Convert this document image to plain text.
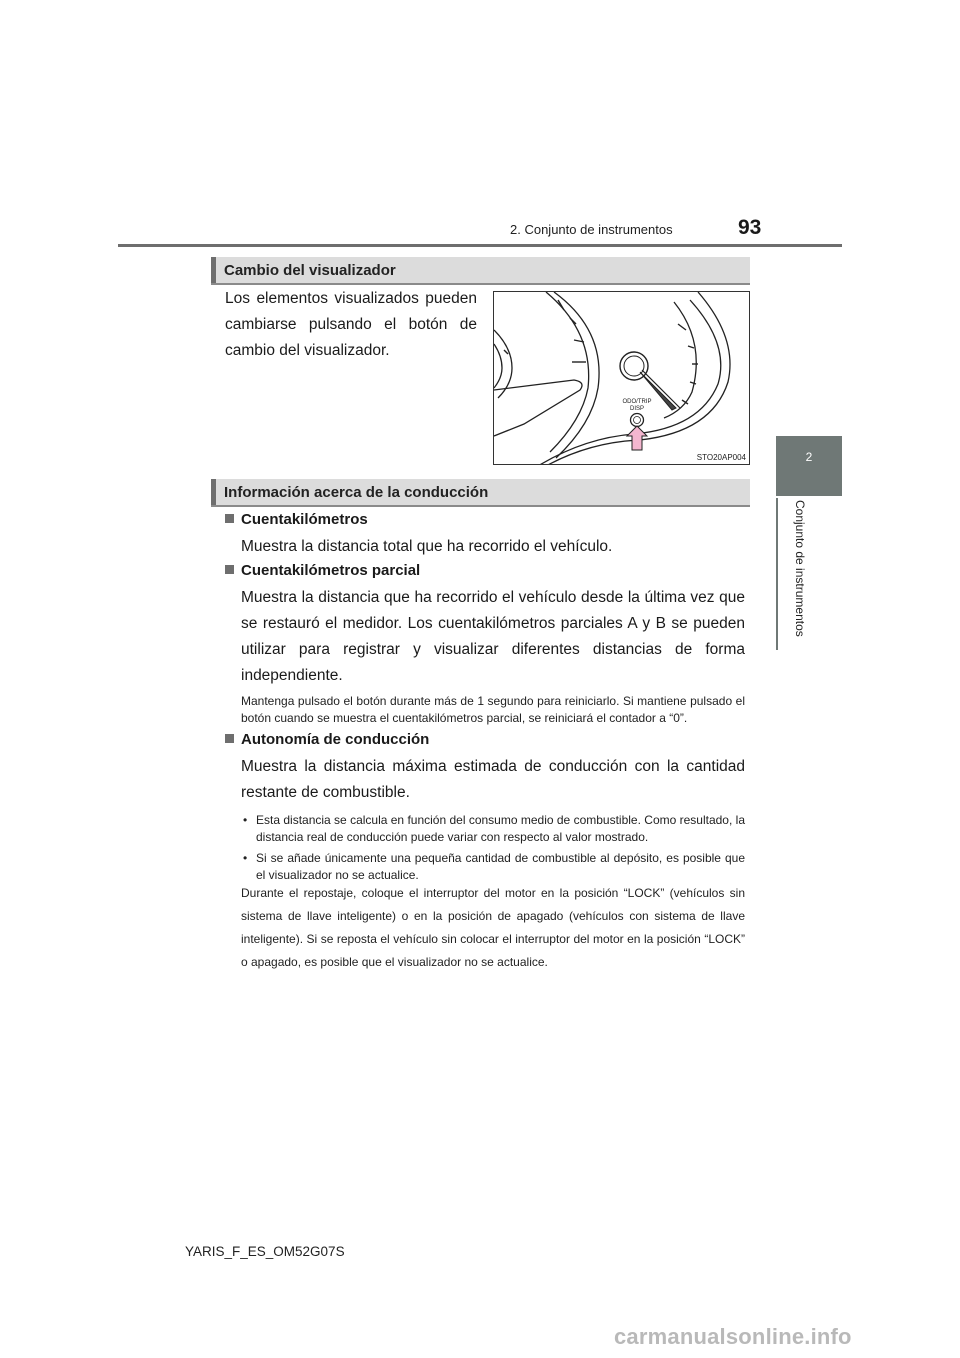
2. Conjunto de instrumentos	93
2
Conjunto de instrumentos
Cambio del visualizador
Los elementos visualizados pueden cambiarse pulsando el botón de cambio del visualizador.
ODO/TRIP
DISP
STO20AP004
Información acerca de la conducción
Cuentakilómetros
Muestra la distancia total que ha recorrido el vehículo.
Cuentakilómetros parcial
Muestra la distancia que ha recorrido el vehículo desde la última vez que se restauró el medidor. Los cuentakilómetros parciales A y B se pueden utilizar para registrar y visualizar diferentes distancias de forma independiente.
Mantenga pulsado el botón durante más de 1 segundo para reiniciarlo. Si mantiene pulsado el botón cuando se muestra el cuentakilómetros parcial, se reiniciará el contador a “0”.
Autonomía de conducción
Muestra la distancia máxima estimada de conducción con la cantidad restante de combustible.
• Esta distancia se calcula en función del consumo medio de combustible. Como resultado, la distancia real de conducción puede variar con respecto al valor mostrado.
• Si se añade únicamente una pequeña cantidad de combustible al depósito, es posible que el visualizador no se actualice.
Durante el repostaje, coloque el interruptor del motor en la posición “LOCK” (vehículos sin sistema de llave inteligente) o en la posición de apagado (vehículos con sistema de llave inteligente). Si se reposta el vehículo sin colocar el interruptor del motor en la posición “LOCK” o apagado, es posible que el visualizador no se actualice.
YARIS_F_ES_OM52G07S
carmanualsonline.info
